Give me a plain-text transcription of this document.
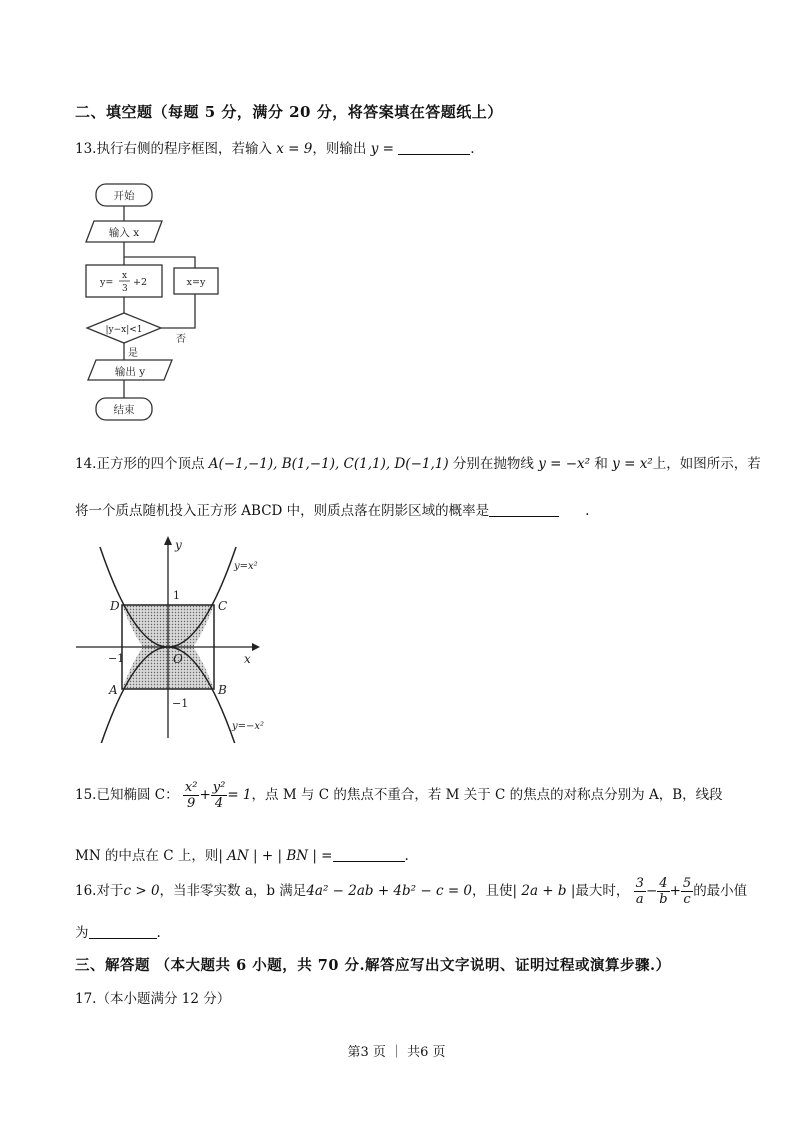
二、填空题（每题 5 分，满分 20 分，将答案填在答题纸上）
13.执行右侧的程序框图，若输入 x = 9，则输出 y =	.
开始
输入 x
y=
x
3
+2	x=y
|y−x|<1
否
是
输出 y
结束
14.正方形的四个顶点 A(−1,−1), B(1,−1), C(1,1), D(−1,1) 分别在抛物线 y = −x² 和 y = x²上，如图所示，若
将一个质点随机投入正方形 ABCD 中，则质点落在阴影区域的概率是	.
y
x
O
D	C
A	B
y=x²
y=−x²
1
−1
−1
15.已知椭圆 C： $\frac{\text{x²}}{9} + \frac{\text{y²}}{4} = 1$，点 M 与 C 的焦点不重合，若 M 关于 C 的焦点的对称点分别为 A，B，线段
MN 的中点在 C 上，则| AN | + | BN | =	.
16.对于c > 0，当非零实数 a，b 满足4a² − 2ab + 4b² − c = 0，且使| 2a + b |最大时， $\frac{3}{a} - \frac{4}{b} + \frac{5}{c}$ 的最小值
为	.
三、解答题 （本大题共 6 小题，共 70 分.解答应写出文字说明、证明过程或演算步骤.）
17.（本小题满分 12 分）
第3 页 ｜ 共6 页
